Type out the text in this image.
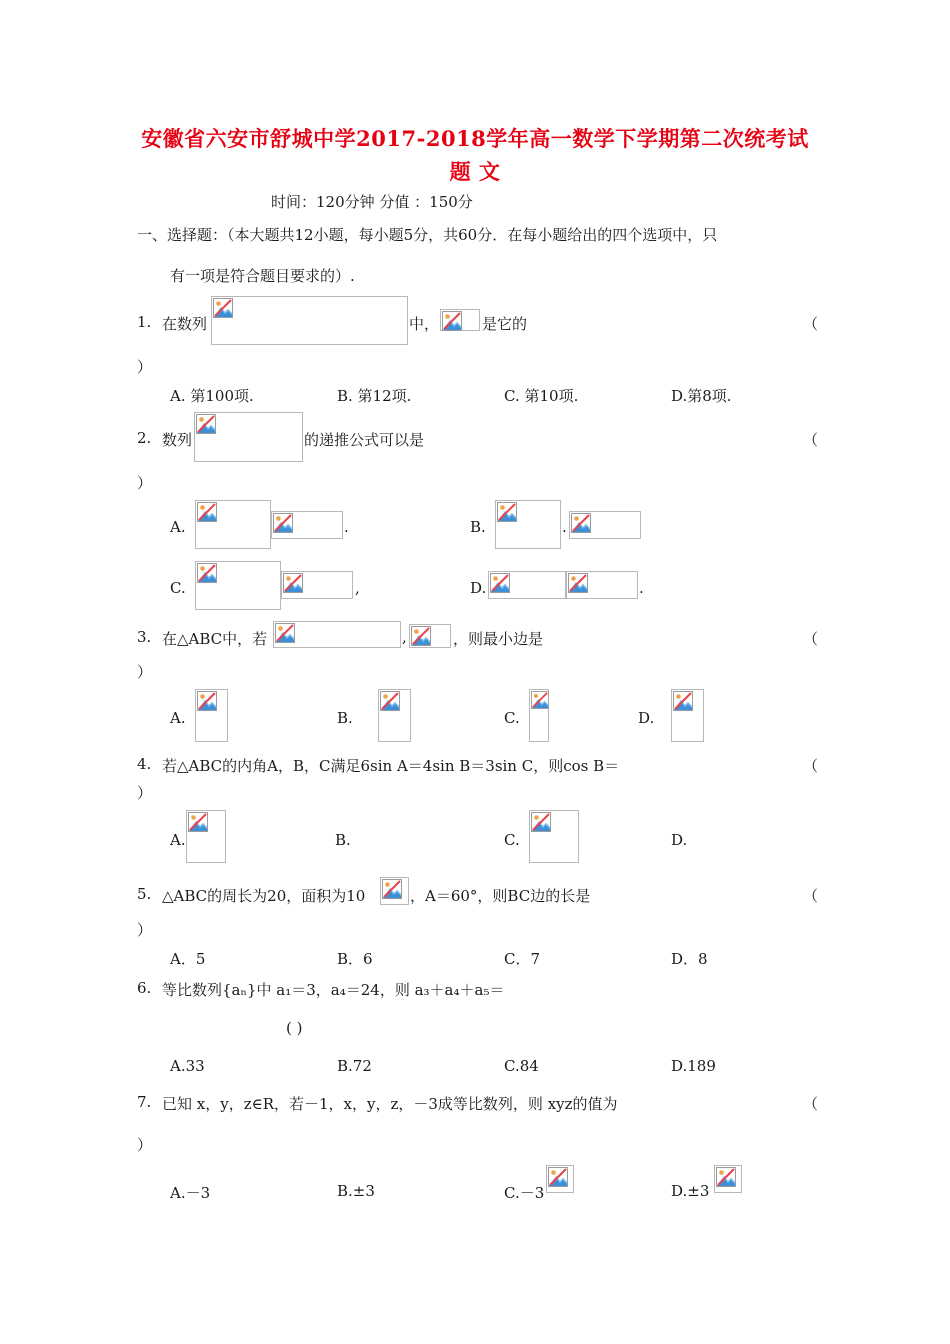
安徽省六安市舒城中学2017-2018学年高一数学下学期第二次统考试
题 文
时间：120分钟 分值 ：150分
一、选择题：（本大题共12小题，每小题5分，共60分．在每小题给出的四个选项中，只
有一项是符合题目要求的）.
1. 在数列	中，	是它的	（
）
A. 第100项.	B. 第12项.	C. 第10项.	D.第8项.
2. 数列	的递推公式可以是	（
）
A.	.	B.	.
C.	,	D.	.
3. 在△ABC中，若	,	，则最小边是	（
）
A.	B.	C.	D.
4. 若△ABC的内角A，B，C满足6sin A＝4sin B＝3sin C，则cos B＝	（
）
A.	B.	C.	D.
5. △ABC的周长为20，面积为10	，A＝60°，则BC边的长是	（
）
A．5	B．6	C．7	D．8
6. 等比数列{aₙ}中 a₁＝3，a₄＝24，则 a₃＋a₄＋a₅＝
( )
A.33	B.72	C.84	D.189
7. 已知 x，y，z∈R，若－1，x，y，z，－3成等比数列，则 xyz的值为	（
）
A.－3	B.±3	C.－3	D.±3
